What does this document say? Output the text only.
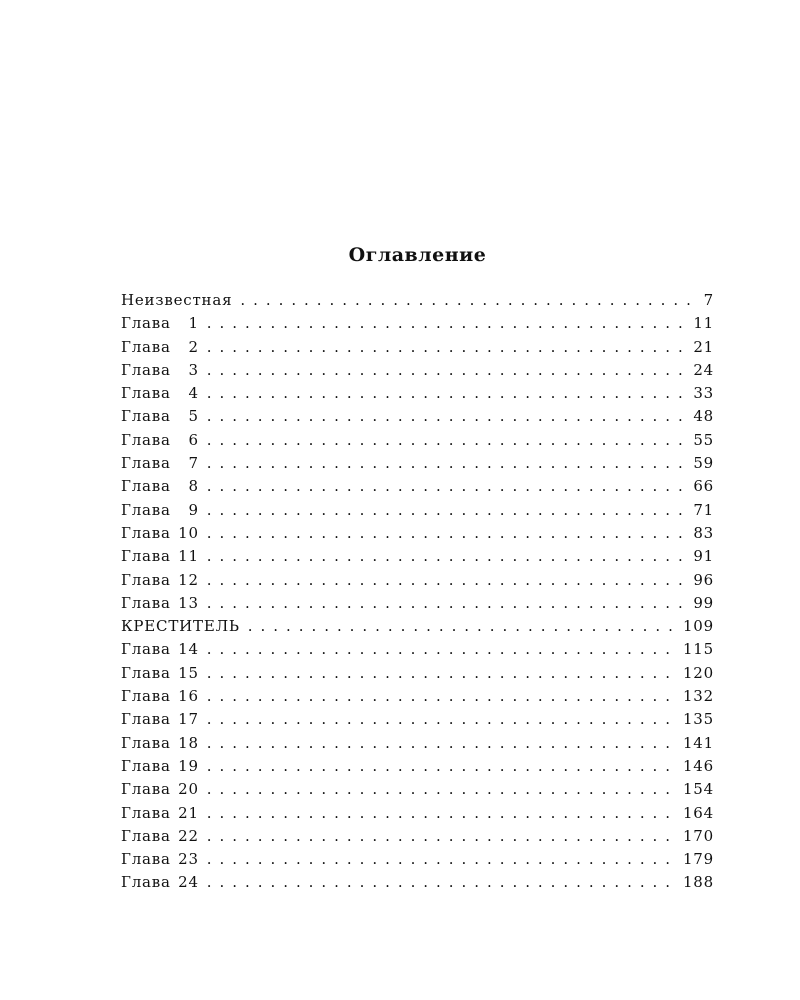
Оглавление
Неизвестная . . .	7
Глава 1 . . .	11
Глава 2 . . .	21
Глава 3 . . .	24
Глава 4 . . .	33
Глава 5 . . .	48
Глава 6 . . .	55
Глава 7 . . .	59
Глава 8 . . .	66
Глава 9 . . .	71
Глава 10 . . .	83
Глава 11 . . .	91
Глава 12 . . .	96
Глава 13 . . .	99
КРЕСТИТЕЛЬ . . .	109
Глава 14 . . .	115
Глава 15 . . .	120
Глава 16 . . .	132
Глава 17 . . .	135
Глава 18 . . .	141
Глава 19 . . .	146
Глава 20 . . .	154
Глава 21 . . .	164
Глава 22 . . .	170
Глава 23 . . .	179
Глава 24 . . .	188
